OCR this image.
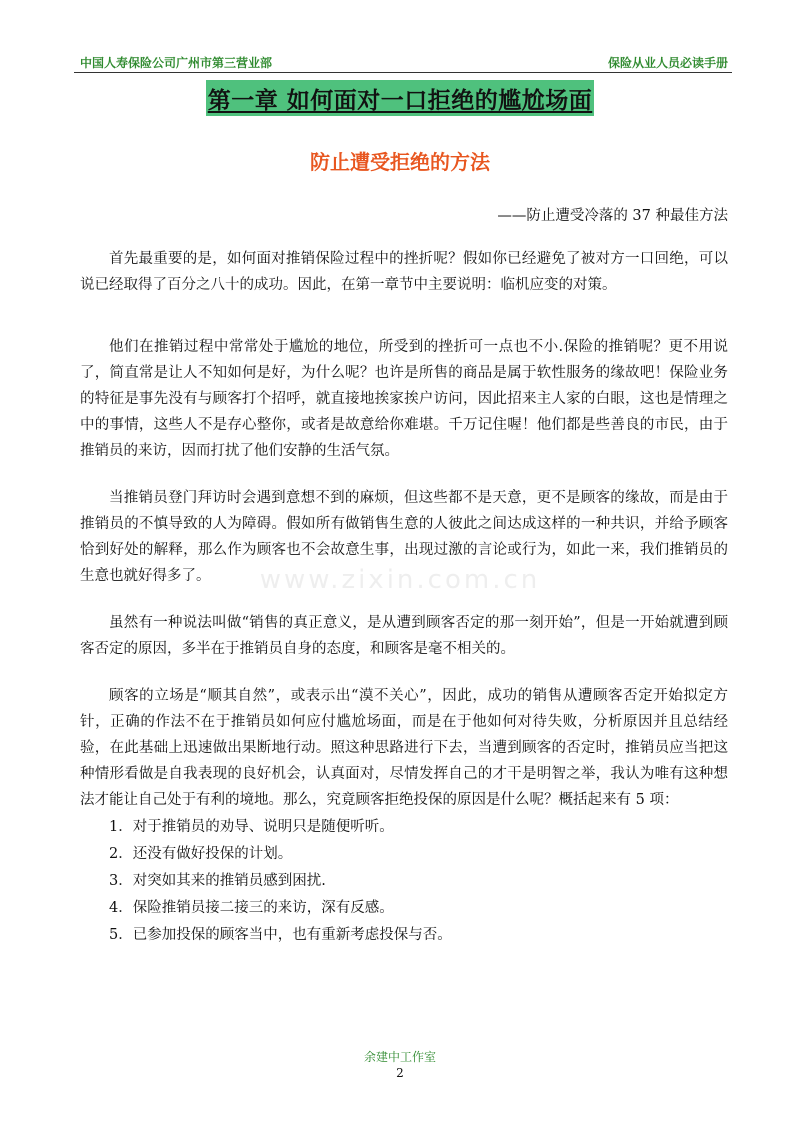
中国人寿保险公司广州市第三营业部	保险从业人员必读手册
第一章 如何面对一口拒绝的尴尬场面
防止遭受拒绝的方法
——防止遭受冷落的 37 种最佳方法
www.zixin.com.cn

首先最重要的是，如何面对推销保险过程中的挫折呢？假如你已经避免了被对方一口回绝，可以说已经取得了百分之八十的成功。因此，在第一章节中主要说明：临机应变的对策。

他们在推销过程中常常处于尴尬的地位，所受到的挫折可一点也不小.保险的推销呢？更不用说了，简直常是让人不知如何是好，为什么呢？也许是所售的商品是属于软性服务的缘故吧！保险业务的特征是事先没有与顾客打个招呼，就直接地挨家挨户访问，因此招来主人家的白眼，这也是情理之中的事情，这些人不是存心整你，或者是故意给你难堪。千万记住喔！他们都是些善良的市民，由于推销员的来访，因而打扰了他们安静的生活气氛。

当推销员登门拜访时会遇到意想不到的麻烦，但这些都不是天意，更不是顾客的缘故，而是由于推销员的不慎导致的人为障碍。假如所有做销售生意的人彼此之间达成这样的一种共识，并给予顾客恰到好处的解释，那么作为顾客也不会故意生事，出现过激的言论或行为，如此一来，我们推销员的生意也就好得多了。

虽然有一种说法叫做“销售的真正意义，是从遭到顾客否定的那一刻开始”，但是一开始就遭到顾客否定的原因，多半在于推销员自身的态度，和顾客是毫不相关的。

顾客的立场是“顺其自然”，或表示出“漠不关心”，因此，成功的销售从遭顾客否定开始拟定方针，正确的作法不在于推销员如何应付尴尬场面，而是在于他如何对待失败，分析原因并且总结经验，在此基础上迅速做出果断地行动。照这种思路进行下去，当遭到顾客的否定时，推销员应当把这种情形看做是自我表现的良好机会，认真面对，尽情发挥自己的才干是明智之举，我认为唯有这种想法才能让自己处于有利的境地。那么，究竟顾客拒绝投保的原因是什么呢？概括起来有 5 项：

1．对于推销员的劝导、说明只是随便听听。
2．还没有做好投保的计划。
3．对突如其来的推销员感到困扰.
4．保险推销员接二接三的来访，深有反感。
5．已参加投保的顾客当中，也有重新考虑投保与否。
余建中工作室
2
